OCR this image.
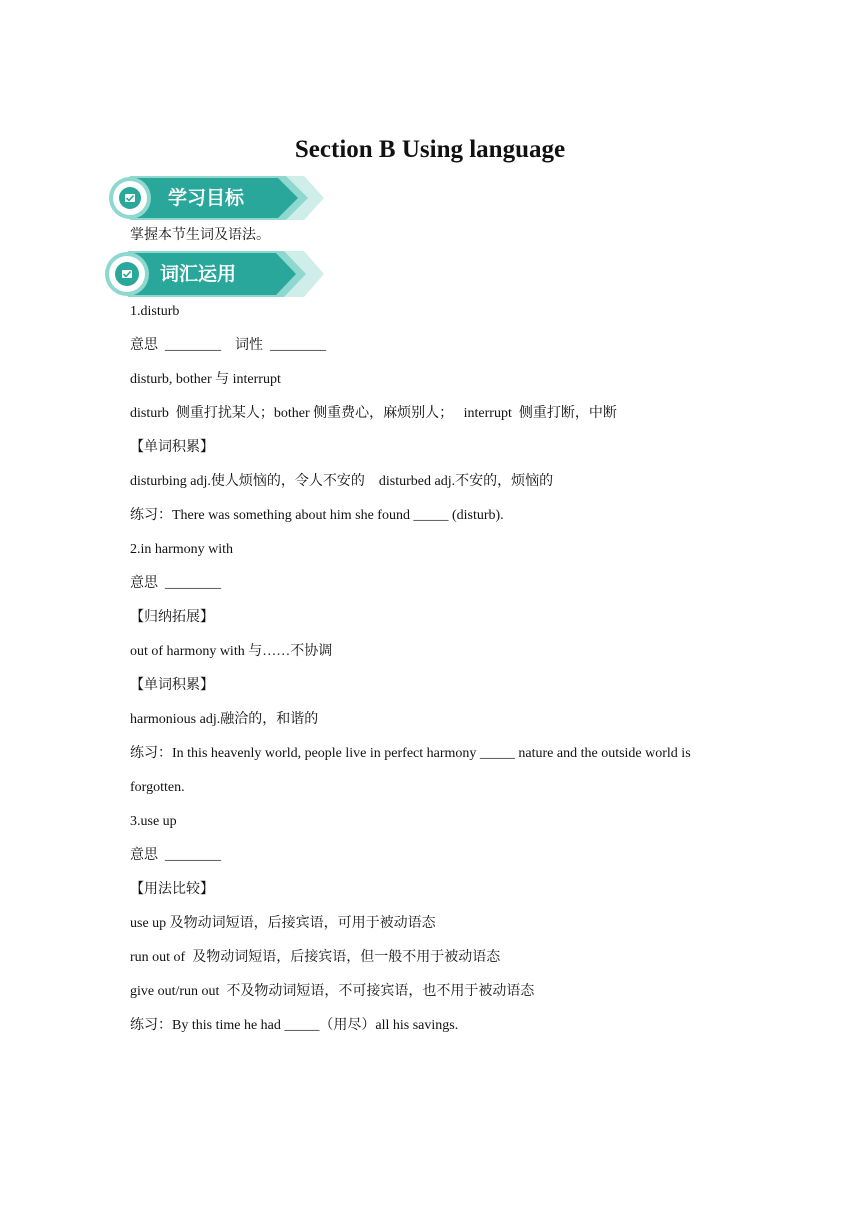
Section B Using language
学习目标
词汇运用
掌握本节生词及语法。
1.disturb
意思  ________    词性  ________
disturb, bother 与 interrupt
disturb  侧重打扰某人；bother 侧重费心，麻烦别人；   interrupt  侧重打断，中断
【单词积累】
disturbing adj.使人烦恼的，令人不安的    disturbed adj.不安的，烦恼的
练习：There was something about him she found _____ (disturb).
2.in harmony with
意思  ________
【归纳拓展】
out of harmony with 与……不协调
【单词积累】
harmonious adj.融洽的，和谐的
练习：In this heavenly world, people live in perfect harmony _____ nature and the outside world is
forgotten.
3.use up
意思  ________
【用法比较】
use up 及物动词短语，后接宾语，可用于被动语态
run out of  及物动词短语，后接宾语，但一般不用于被动语态
give out/run out  不及物动词短语，不可接宾语，也不用于被动语态
练习：By this time he had _____（用尽）all his savings.
